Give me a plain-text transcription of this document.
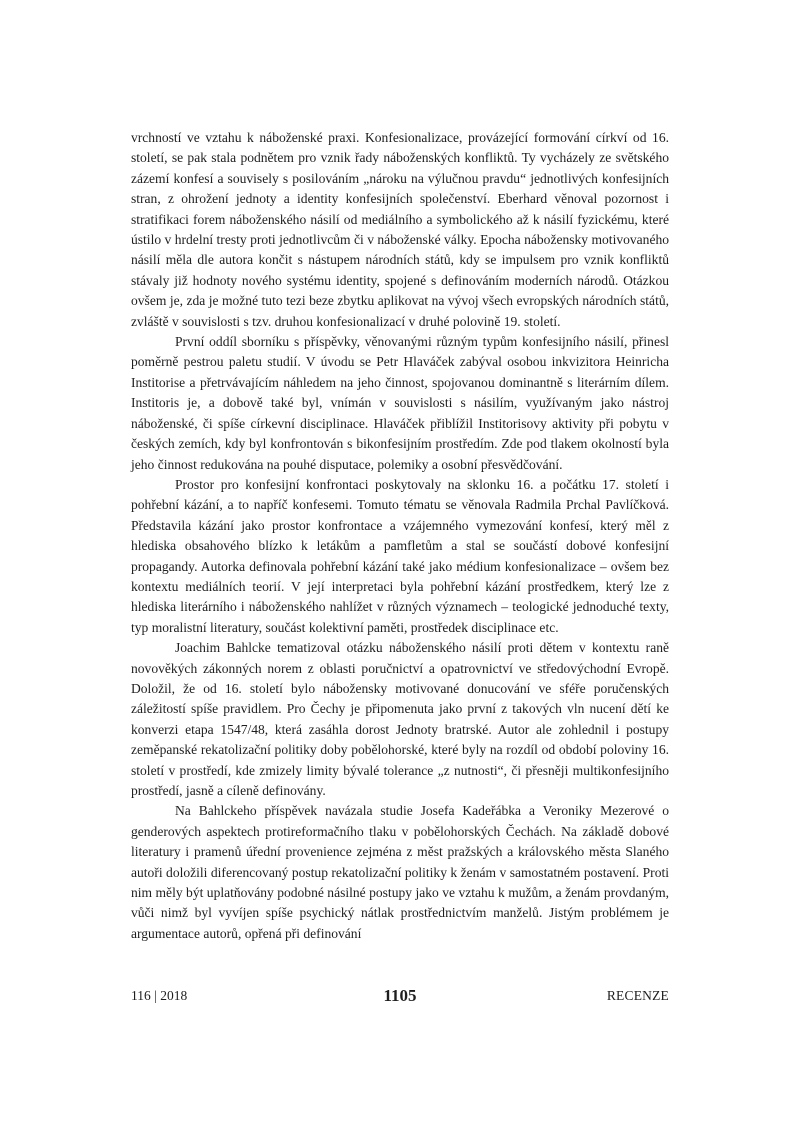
vrchností ve vztahu k náboženské praxi. Konfesionalizace, provázející formování církví od 16. století, se pak stala podnětem pro vznik řady náboženských konfliktů. Ty vycházely ze světského zázemí konfesí a souvisely s posilováním „nároku na výlučnou pravdu“ jednotlivých konfesijních stran, z ohrožení jednoty a identity konfesijních společenství. Eberhard věnoval pozornost i stratifikaci forem náboženského násilí od mediálního a symbolického až k násilí fyzickému, které ústilo v hrdelní tresty proti jednotlivcům či v náboženské války. Epocha nábožensky motivovaného násilí měla dle autora končit s nástupem národních států, kdy se impulsem pro vznik konfliktů stávaly již hodnoty nového systému identity, spojené s definováním moderních národů. Otázkou ovšem je, zda je možné tuto tezi beze zbytku aplikovat na vývoj všech evropských národních států, zvláště v souvislosti s tzv. druhou konfesionalizací v druhé polovině 19. století.

První oddíl sborníku s příspěvky, věnovanými různým typům konfesijního násilí, přinesl poměrně pestrou paletu studií. V úvodu se Petr Hlaváček zabýval osobou inkvizitora Heinricha Institorise a přetrvávajícím náhledem na jeho činnost, spojovanou dominantně s literárním dílem. Institoris je, a dobově také byl, vnímán v souvislosti s násilím, využívaným jako nástroj náboženské, či spíše církevní disciplinace. Hlaváček přiblížil Institorisovy aktivity při pobytu v českých zemích, kdy byl konfrontován s bikonfesijním prostředím. Zde pod tlakem okolností byla jeho činnost redukována na pouhé disputace, polemiky a osobní přesvědčování.

Prostor pro konfesijní konfrontaci poskytovaly na sklonku 16. a počátku 17. století i pohřební kázání, a to napříč konfesemi. Tomuto tématu se věnovala Radmila Prchal Pavlíčková. Představila kázání jako prostor konfrontace a vzájemného vymezování konfesí, který měl z hlediska obsahového blízko k letákům a pamfletům a stal se součástí dobové konfesijní propagandy. Autorka definovala pohřební kázání také jako médium konfesionalizace – ovšem bez kontextu mediálních teorií. V její interpretaci byla pohřební kázání prostředkem, který lze z hlediska literárního i náboženského nahlížet v různých významech – teologické jednoduché texty, typ moralistní literatury, součást kolektivní paměti, prostředek disciplinace etc.

Joachim Bahlcke tematizoval otázku náboženského násilí proti dětem v kontextu raně novověkých zákonných norem z oblasti poručnictví a opatrovnictví ve středovýchodní Evropě. Doložil, že od 16. století bylo nábožensky motivované donucování ve sféře poručenských záležitostí spíše pravidlem. Pro Čechy je připomenuta jako první z takových vln nucení dětí ke konverzi etapa 1547/48, která zasáhla dorost Jednoty bratrské. Autor ale zohlednil i postupy zeměpanské rekatolizační politiky doby pobělohorské, které byly na rozdíl od období poloviny 16. století v prostředí, kde zmizely limity bývalé tolerance „z nutnosti“, či přesněji multikonfesijního prostředí, jasně a cíleně definovány.

Na Bahlckeho příspěvek navázala studie Josefa Kadeřábka a Veroniky Mezerové o genderových aspektech protireformačního tlaku v pobělohorských Čechách. Na základě dobové literatury i pramenů úřední provenience zejména z měst pražských a královského města Slaného autoři doložili diferencovaný postup rekatolizační politiky k ženám v samostatném postavení. Proti nim měly být uplatňovány podobné násilné postupy jako ve vztahu k mužům, a ženám provdaným, vůči nimž byl vyvíjen spíše psychický nátlak prostřednictvím manželů. Jistým problémem je argumentace autorů, opřená při definování

116 | 2018	1105	RECENZE
